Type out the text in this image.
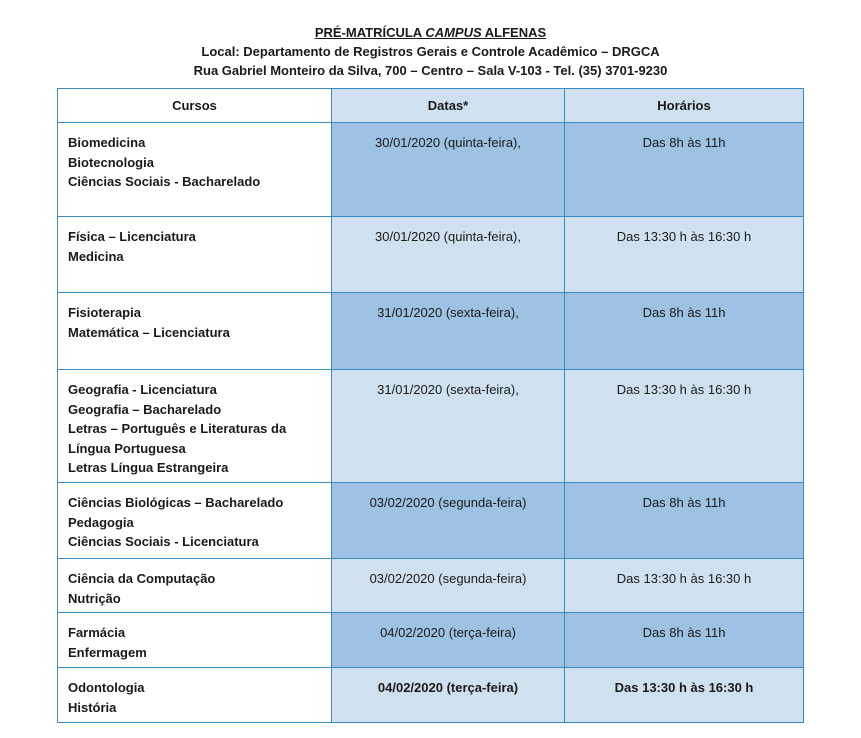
PRÉ-MATRÍCULA CAMPUS ALFENAS
Local: Departamento de Registros Gerais e Controle Acadêmico – DRGCA
Rua Gabriel Monteiro da Silva, 700 – Centro – Sala V-103 - Tel. (35) 3701-9230
Cursos	Datas*	Horários

Biomedicina
Biotecnologia
Ciências Sociais - Bacharelado	30/01/2020 (quinta-feira),	Das 8h às 11h

Física – Licenciatura
Medicina	30/01/2020 (quinta-feira),	Das 13:30 h às 16:30 h

Fisioterapia
Matemática – Licenciatura	31/01/2020 (sexta-feira),	Das 8h às 11h

Geografia - Licenciatura
Geografia – Bacharelado
Letras – Português e Literaturas da
Língua Portuguesa
Letras Língua Estrangeira	31/01/2020 (sexta-feira),	Das 13:30 h às 16:30 h

Ciências Biológicas – Bacharelado
Pedagogia
Ciências Sociais - Licenciatura	03/02/2020 (segunda-feira)	Das 8h às 11h

Ciência da Computação
Nutrição	03/02/2020 (segunda-feira)	Das 13:30 h às 16:30 h

Farmácia
Enfermagem	04/02/2020 (terça-feira)	Das 8h às 11h

Odontologia
História	04/02/2020 (terça-feira)	Das 13:30 h às 16:30 h
